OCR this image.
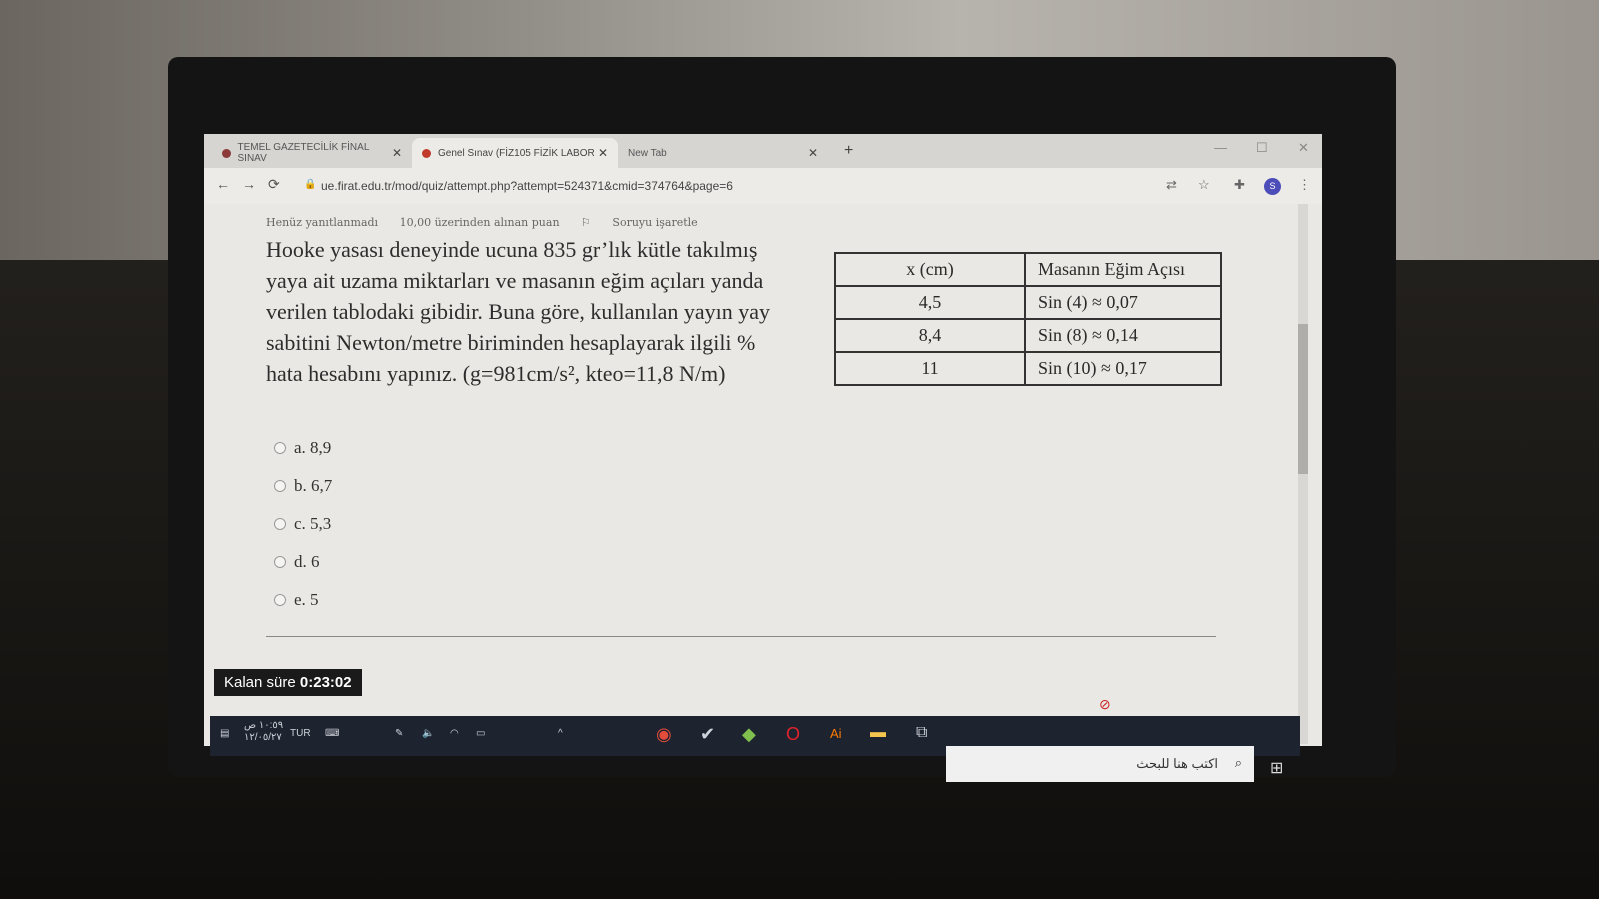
TEMEL GAZETECİLİK FİNAL SINAV	✕	Genel Sınav (FİZ105 FİZİK LABOR ✕ New Tab	✕ +	— ☐ ✕
← → ⟳ 🔒 ue.firat.edu.tr/mod/quiz/attempt.php?attempt=524371&cmid=374764&page=6	⇄ ☆ ✚	S	⋮
Henüz yanıtlanmadı 10,00 üzerinden alınan puan ⚐ Soruyu işaretle
Hooke yasası deneyinde ucuna 835 gr’lık kütle takılmış
yaya ait uzama miktarları ve masanın eğim açıları yanda
verilen tablodaki gibidir. Buna göre, kullanılan yayın yay
sabitini Newton/metre biriminden hesaplayarak ilgili %
hata hesabını yapınız. (g=981cm/s², kteo=11,8 N/m)
x (cm)	Masanın Eğim Açısı
4,5	Sin (4) ≈ 0,07
8,4	Sin (8) ≈ 0,14
11	Sin (10) ≈ 0,17
a. 8,9
b. 6,7
c. 5,3
d. 6
e. 5
Kalan süre 0:23:02
⊘
▤
١٠:٥٩ ص
١٢/٠٥/٢٧ TUR ⌨	✎ 🔈 ◠ ▭	^	◉ ✔ ◆ O Ai ▬ ⧉
اكتب هنا للبحث ⌕ ⊞
